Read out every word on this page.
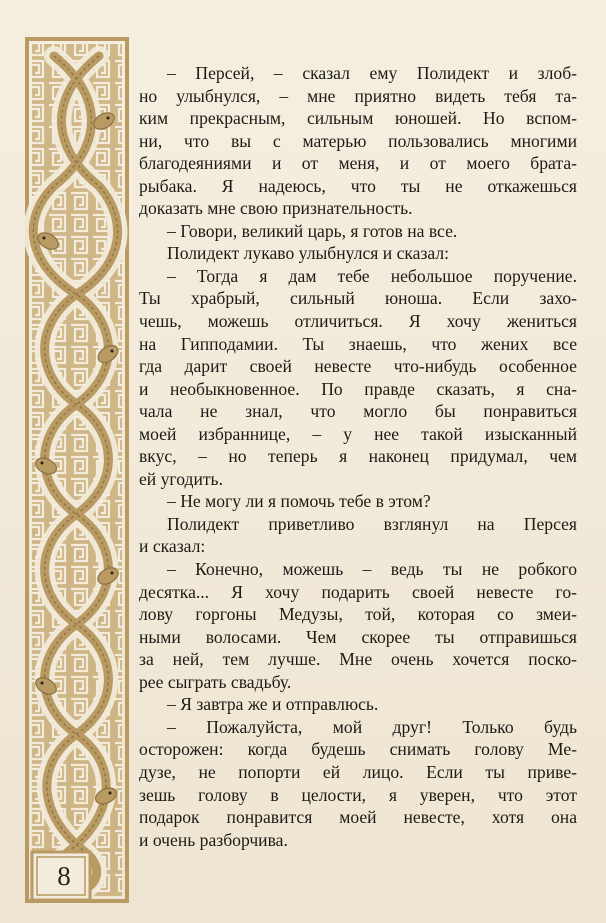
8
– Персей, – сказал ему Полидект и злоб-
но улыбнулся, – мне приятно видеть тебя та-
ким прекрасным, сильным юношей. Но вспом-
ни, что вы с матерью пользовались многими
благодеяниями и от меня, и от моего брата-
рыбака. Я надеюсь, что ты не откажешься
доказать мне свою признательность.
– Говори, великий царь, я готов на все.
Полидект лукаво улыбнулся и сказал:
– Тогда я дам тебе небольшое поручение.
Ты храбрый, сильный юноша. Если захо-
чешь, можешь отличиться. Я хочу жениться
на Гипподамии. Ты знаешь, что жених все
гда дарит своей невесте что-нибудь особенное
и необыкновенное. По правде сказать, я сна-
чала не знал, что могло бы понравиться
моей избраннице, – у нее такой изысканный
вкус, – но теперь я наконец придумал, чем
ей угодить.
– Не могу ли я помочь тебе в этом?
Полидект приветливо взглянул на Персея
и сказал:
– Конечно, можешь – ведь ты не робкого
десятка... Я хочу подарить своей невесте го-
лову горгоны Медузы, той, которая со змеи-
ными волосами. Чем скорее ты отправишься
за ней, тем лучше. Мне очень хочется поско-
рее сыграть свадьбу.
– Я завтра же и отправлюсь.
– Пожалуйста, мой друг! Только будь
осторожен: когда будешь снимать голову Ме-
дузе, не попорти ей лицо. Если ты приве-
зешь голову в целости, я уверен, что этот
подарок понравится моей невесте, хотя она
и очень разборчива.
